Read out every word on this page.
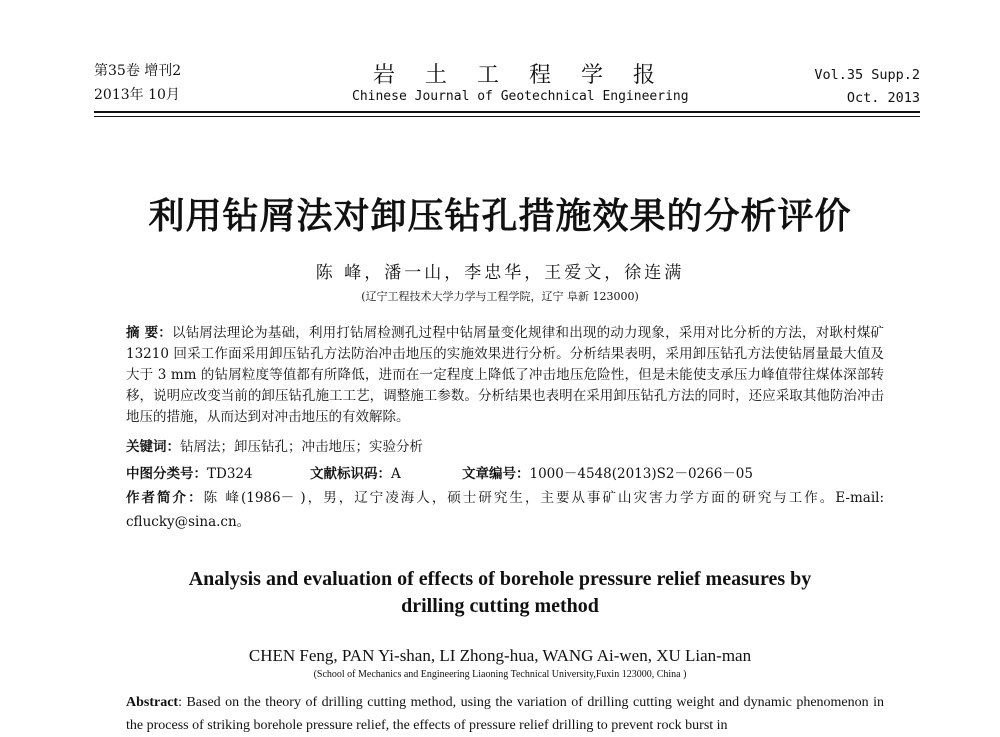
第35卷 增刊2
2013年 10月
岩土工程学报
Chinese Journal of Geotechnical Engineering
Vol.35 Supp.2
Oct. 2013
利用钻屑法对卸压钻孔措施效果的分析评价
陈 峰，潘一山，李忠华，王爱文，徐连满
(辽宁工程技术大学力学与工程学院，辽宁 阜新 123000)
摘 要：以钻屑法理论为基础，利用打钻屑检测孔过程中钻屑量变化规律和出现的动力现象，采用对比分析的方法，对耿村煤矿 13210 回采工作面采用卸压钻孔方法防治冲击地压的实施效果进行分析。分析结果表明，采用卸压钻孔方法使钻屑量最大值及大于 3 mm 的钻屑粒度等值都有所降低，进而在一定程度上降低了冲击地压危险性，但是未能使支承压力峰值带往煤体深部转移，说明应改变当前的卸压钻孔施工工艺，调整施工参数。分析结果也表明在采用卸压钻孔方法的同时，还应采取其他防治冲击地压的措施，从而达到对冲击地压的有效解除。
关键词：钻屑法；卸压钻孔；冲击地压；实验分析
中图分类号：TD324	文献标识码：A	文章编号：1000－4548(2013)S2－0266－05
作者简介：陈 峰(1986－ )，男，辽宁凌海人，硕士研究生，主要从事矿山灾害力学方面的研究与工作。E-mail: cflucky@sina.cn。
Analysis and evaluation of effects of borehole pressure relief measures by
drilling cutting method
CHEN Feng, PAN Yi-shan, LI Zhong-hua, WANG Ai-wen, XU Lian-man
(School of Mechanics and Engineering Liaoning Technical University,Fuxin 123000, China )
Abstract: Based on the theory of drilling cutting method, using the variation of drilling cutting weight and dynamic phenomenon in the process of striking borehole pressure relief, the effects of pressure relief drilling to prevent rock burst in
